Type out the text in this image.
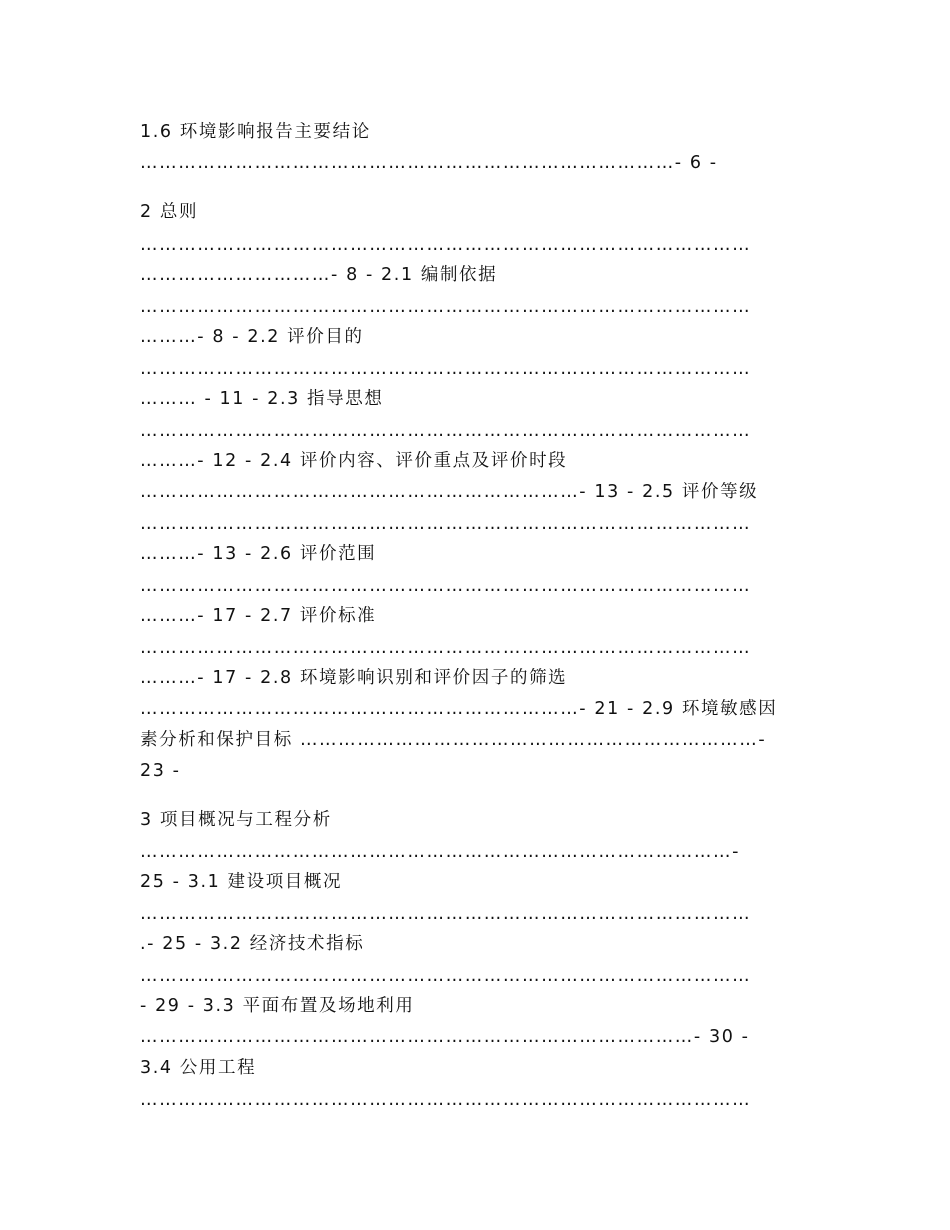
1.6 环境影响报告主要结论
…………………………………………………………………………- 6 -
2 总则
……………………………………………………………………………………
…………………………- 8 - 2.1 编制依据
……………………………………………………………………………………
………- 8 - 2.2 评价目的
……………………………………………………………………………………
……… - 11 - 2.3 指导思想
……………………………………………………………………………………
………- 12 - 2.4 评价内容、评价重点及评价时段
……………………………………………………………- 13 - 2.5 评价等级
……………………………………………………………………………………
………- 13 - 2.6 评价范围
……………………………………………………………………………………
………- 17 - 2.7 评价标准
……………………………………………………………………………………
………- 17 - 2.8 环境影响识别和评价因子的筛选
……………………………………………………………- 21 - 2.9 环境敏感因
素分析和保护目标 ………………………………………………………………-
23 -
3 项目概况与工程分析
…………………………………………………………………………………-
25 - 3.1 建设项目概况
……………………………………………………………………………………
.- 25 - 3.2 经济技术指标
……………………………………………………………………………………
- 29 - 3.3 平面布置及场地利用
……………………………………………………………………………- 30 -
3.4 公用工程
……………………………………………………………………………………
